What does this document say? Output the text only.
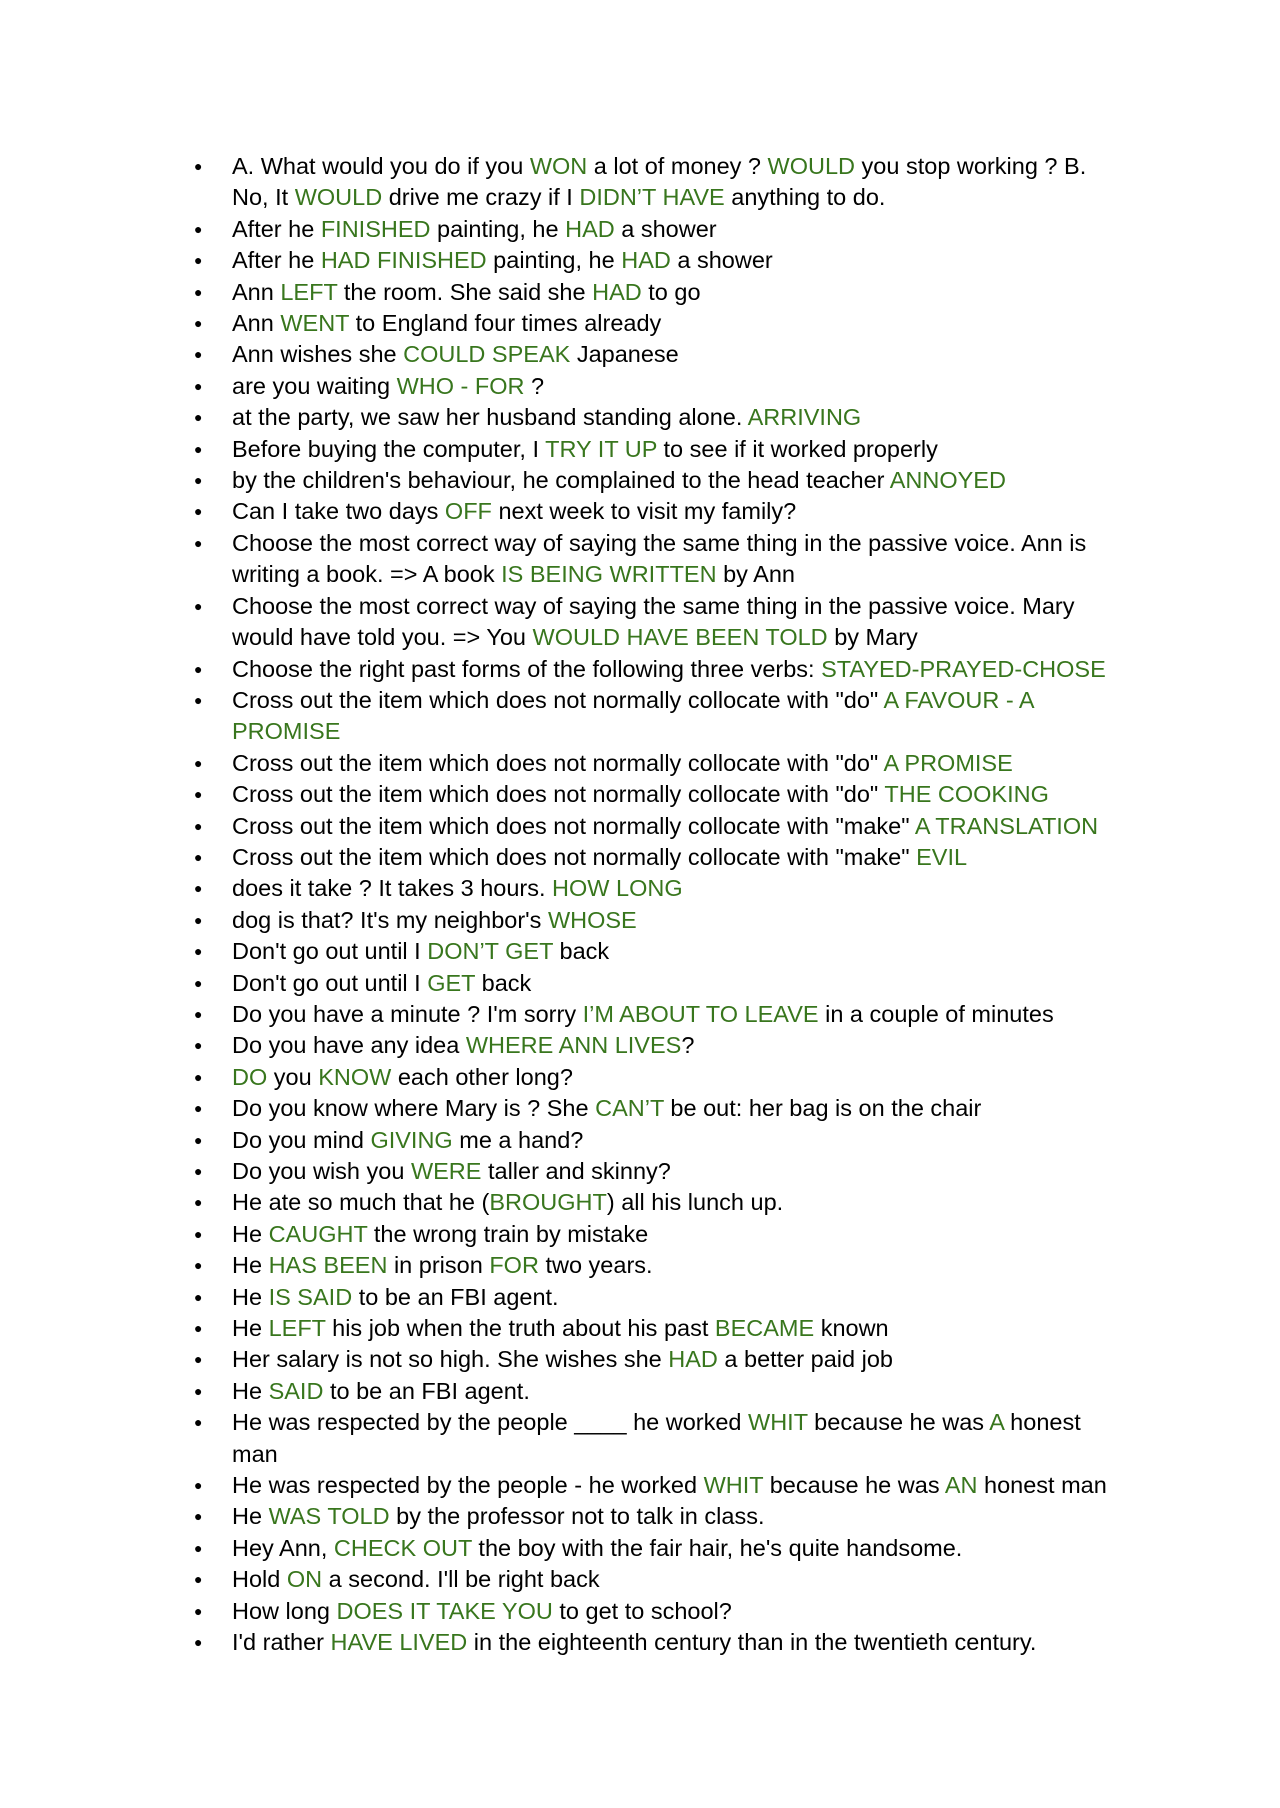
● A. What would you do if you WON a lot of money ? WOULD you stop working ? B. No, It WOULD drive me crazy if I DIDN’T HAVE anything to do.
● After he FINISHED painting, he HAD a shower
● After he HAD FINISHED painting, he HAD a shower
● Ann LEFT the room. She said she HAD to go
● Ann WENT to England four times already
● Ann wishes she COULD SPEAK Japanese
● are you waiting WHO - FOR ?
● at the party, we saw her husband standing alone. ARRIVING
● Before buying the computer, I TRY IT UP to see if it worked properly
● by the children's behaviour, he complained to the head teacher ANNOYED
● Can I take two days OFF next week to visit my family?
● Choose the most correct way of saying the same thing in the passive voice. Ann is writing a book. => A book IS BEING WRITTEN by Ann
● Choose the most correct way of saying the same thing in the passive voice. Mary would have told you. => You WOULD HAVE BEEN TOLD by Mary
● Choose the right past forms of the following three verbs: STAYED-PRAYED-CHOSE
● Cross out the item which does not normally collocate with "do" A FAVOUR - A PROMISE
● Cross out the item which does not normally collocate with "do" A PROMISE
● Cross out the item which does not normally collocate with "do" THE COOKING
● Cross out the item which does not normally collocate with "make" A TRANSLATION
● Cross out the item which does not normally collocate with "make" EVIL
● does it take ? It takes 3 hours. HOW LONG
● dog is that? It's my neighbor's WHOSE
● Don't go out until I DON’T GET back
● Don't go out until I GET back
● Do you have a minute ? I'm sorry I’M ABOUT TO LEAVE in a couple of minutes
● Do you have any idea WHERE ANN LIVES?
● DO you KNOW each other long?
● Do you know where Mary is ? She CAN’T be out: her bag is on the chair
● Do you mind GIVING me a hand?
● Do you wish you WERE taller and skinny?
● He ate so much that he (BROUGHT) all his lunch up.
● He CAUGHT the wrong train by mistake
● He HAS BEEN in prison FOR two years.
● He IS SAID to be an FBI agent.
● He LEFT his job when the truth about his past BECAME known
● Her salary is not so high. She wishes she HAD a better paid job
● He SAID to be an FBI agent.
● He was respected by the people ____ he worked WHIT because he was A honest man
● He was respected by the people - he worked WHIT because he was AN honest man
● He WAS TOLD by the professor not to talk in class.
● Hey Ann, CHECK OUT the boy with the fair hair, he's quite handsome.
● Hold ON a second. I'll be right back
● How long DOES IT TAKE YOU to get to school?
● I'd rather HAVE LIVED in the eighteenth century than in the twentieth century.
